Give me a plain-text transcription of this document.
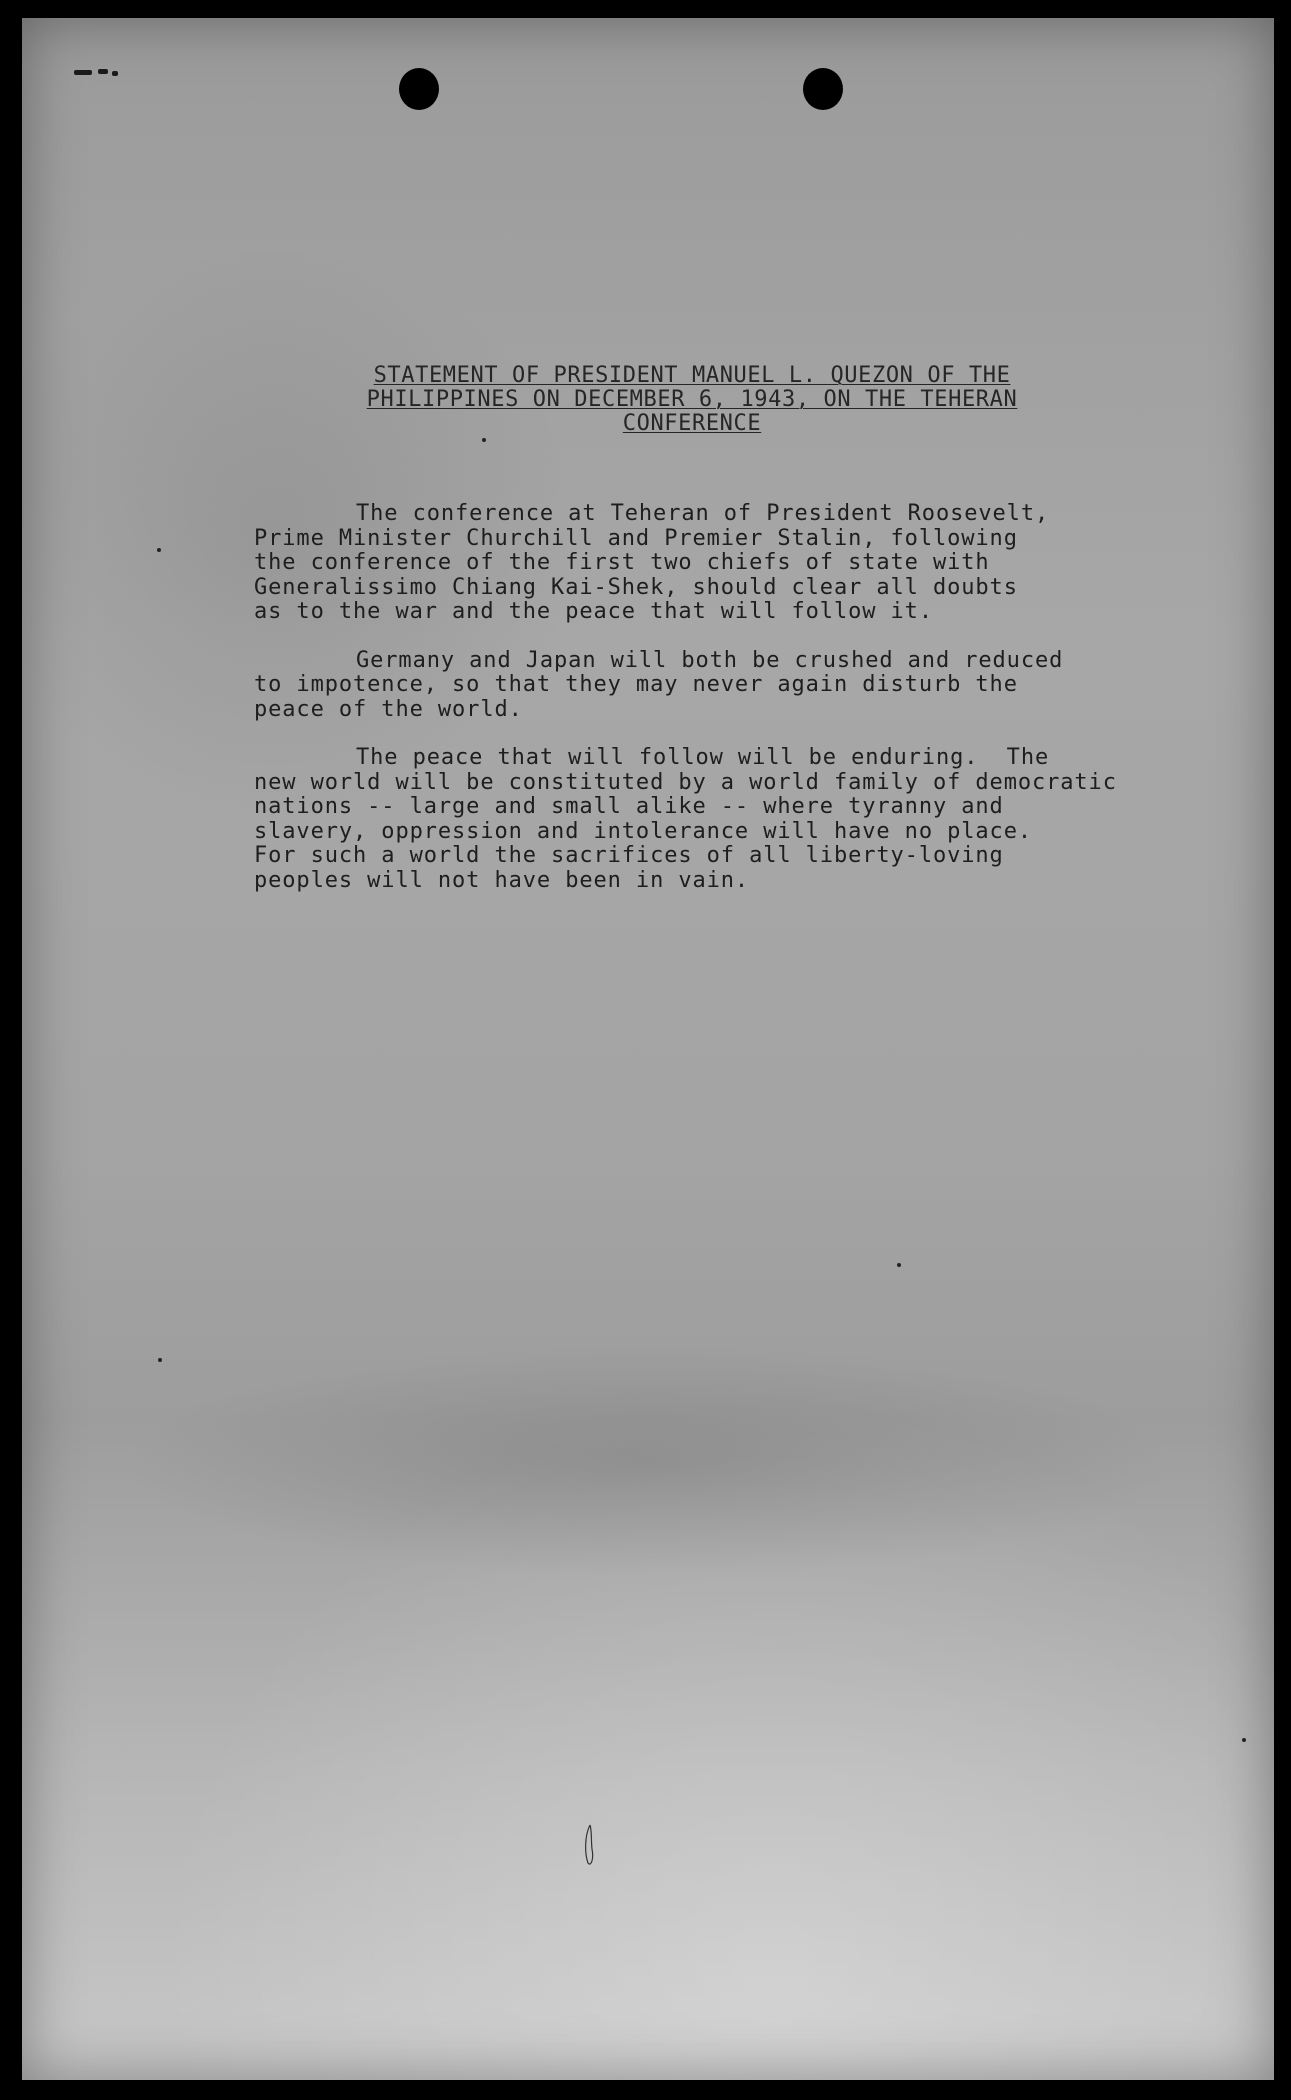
STATEMENT OF PRESIDENT MANUEL L. QUEZON OF THE
PHILIPPINES ON DECEMBER 6, 1943, ON THE TEHERAN
CONFERENCE
The conference at Teheran of President Roosevelt,
Prime Minister Churchill and Premier Stalin, following
the conference of the first two chiefs of state with
Generalissimo Chiang Kai-Shek, should clear all doubts
as to the war and the peace that will follow it.
Germany and Japan will both be crushed and reduced
to impotence, so that they may never again disturb the
peace of the world.
The peace that will follow will be enduring.  The
new world will be constituted by a world family of democratic
nations -- large and small alike -- where tyranny and
slavery, oppression and intolerance will have no place.
For such a world the sacrifices of all liberty-loving
peoples will not have been in vain.
